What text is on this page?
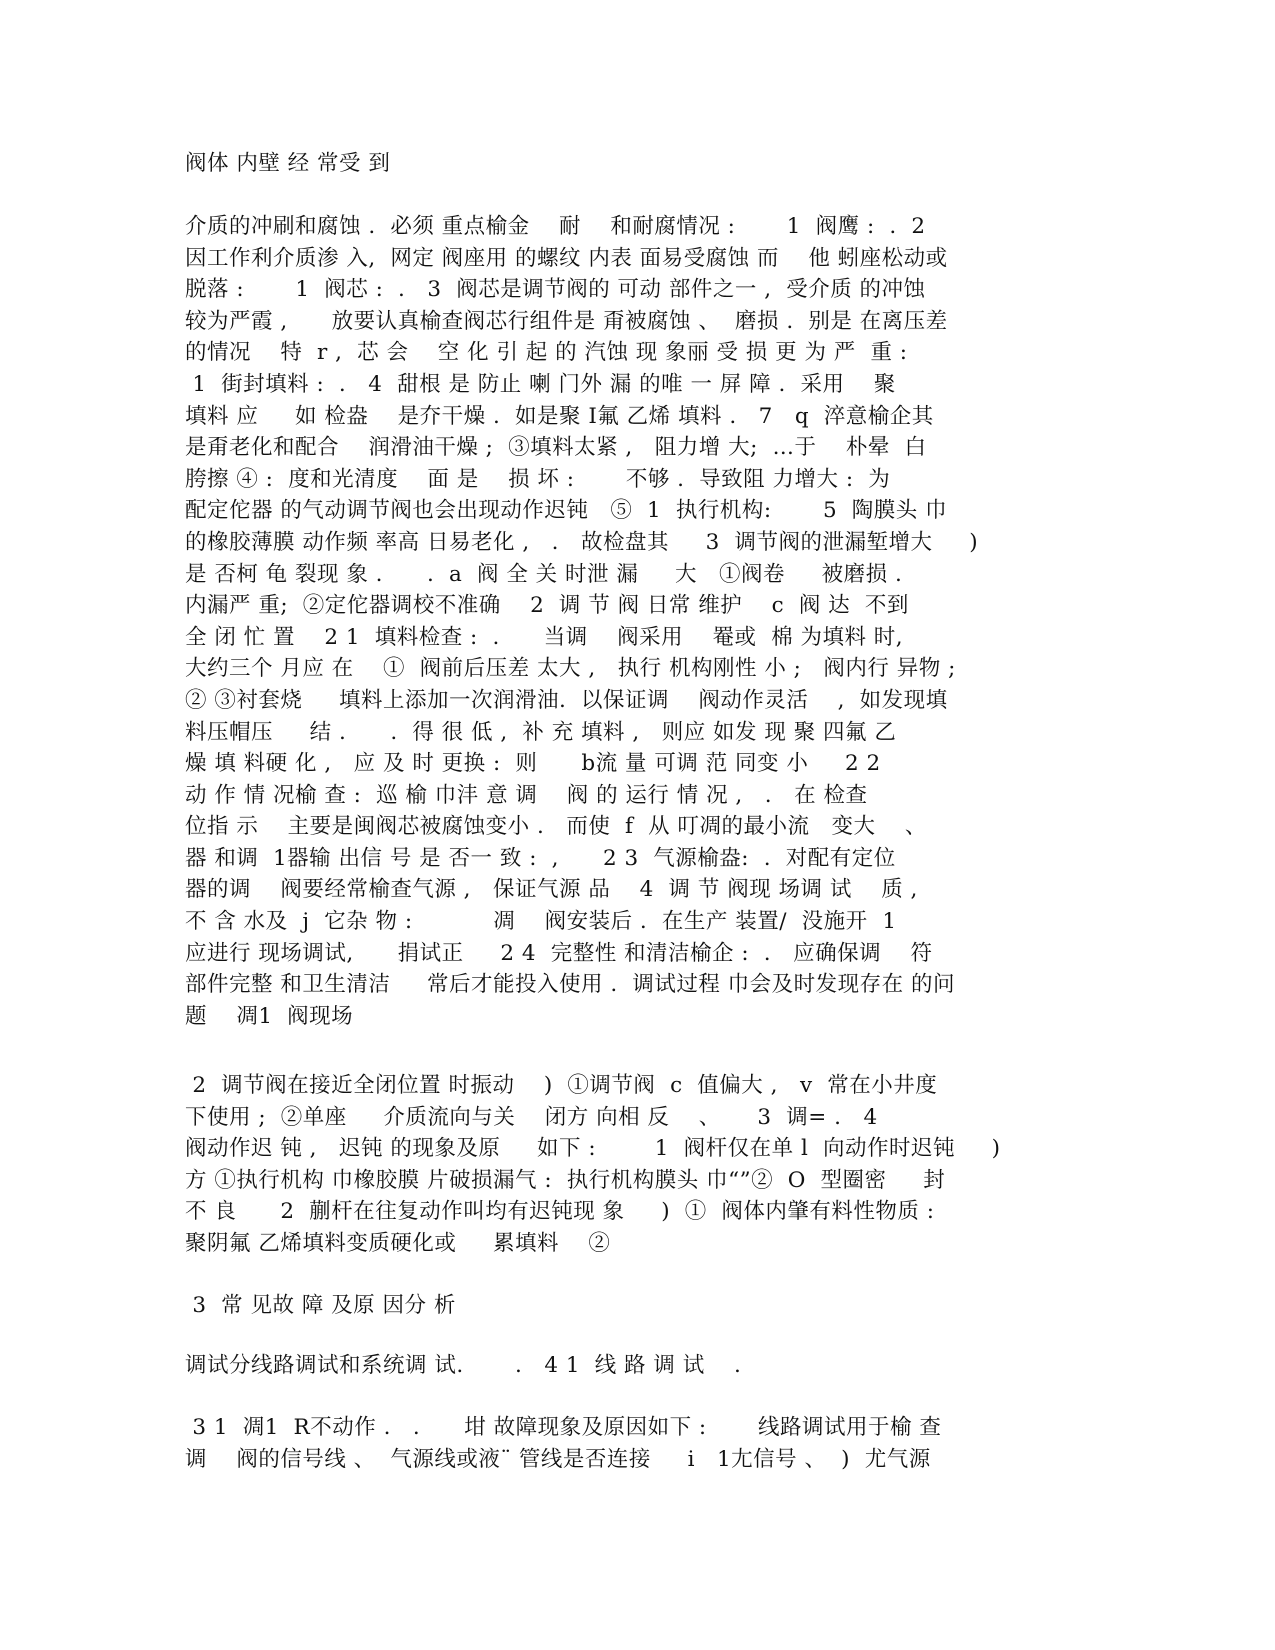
阀体 内壁 经 常受 到
介质的冲刷和腐蚀 .  必须 重点榆金    耐    和耐腐情况 :       1  阀鹰 :  .  2
因工作利介质渗 入,  网定 阀座用 的螺纹 内表 面易受腐蚀 而    他 蚓座松动或
脱落 :       1  阀芯 :  .   3  阀芯是调节阀的 可动 部件之一 ,  受介质 的冲蚀
较为严霞 ,      放要认真榆查阀芯行组件是 甭被腐蚀 、  磨损 .  别是 在离压差
的情况    特  r ,  芯 会    空 化 引 起 的 汽蚀 现 象丽 受 损 更 为 严  重 :
1  街封填料 :  .   4  甜根 是 防止 喇 门外 漏 的唯 一 屏 障 .  采用    聚
填料 应     如 检盎    是夰干燥 .  如是聚 I氟 乙烯 填料 .   7   q  淬意榆企其
是甭老化和配合    润滑油干燥 ;  ③填料太紧 ,   阻力增 大;  …于    朴晕  白
胯擦 ④ :  度和光清度    面 是    损 坏 :       不够 .  导致阻 力增大 :  为
配定佗器 的气动调节阀也会出现动作迟钝   ⑤  1  执行机构:       5  陶膜头 巾
的橡胶薄膜 动作频 率高 日易老化 ,   .   故检盘其     3  调节阀的泄漏堑增大     )
是 否柯 龟 裂现 象 .      .  a  阀 全 关 时泄 漏     大   ①阀卷     被磨损 .
内漏严 重;  ②定佗器调校不准确    2  调 节 阀 日常 维护    c  阀 达  不到
全 闭 忙 置    2 1  填料检查 :  .      当调    阀采用    罨或  棉 为填料 时,
大约三个 月应 在    ①  阀前后压差 太大 ,   执行 机构刚性 小 ;   阀内行 异物 ;
② ③衬套烧     填料上添加一次润滑油.  以保证调    阀动作灵活    ,  如发现填
料压帽压     结 .      .  得 很 低 ,  补 充 填料 ,   则应 如发 现 聚 四氟 乙
燥 填 料硬 化 ,   应 及 时 更换 :  则      b流 量 可调 范 同变 小     2 2
动 作 情 况榆 查 :  巡 榆 巾沣 意 调    阀 的 运行 情 况 ,   .   在 检查
位指 示    主要是闽阀芯被腐蚀变小 .   而使  f  从 叮凋的最小流   变大    、
器 和调  1器输 出信 号 是 否一 致 :  ,      2 3  气源榆盎:  .  对配有定位
器的调    阀要经常榆查气源 ,   保证气源 品    4  调 节 阀现 场调 试    质 ,
不 含 水及  j  它杂 物 :           凋    阀安装后 .  在生产 装置/  没施开  1
应进行 现场调试,      捐试正     2 4  完整性 和清洁榆企 :  .   应确保调    符
部件完整 和卫生清洁     常后才能投入使用 .  调试过程 巾会及时发现存在 的问
题    凋1  阀现场
2  调节阀在接近全闭位置 时振动    )  ①调节阀  c  值偏大 ,   v  常在小井度
下使用 ;  ②单座     介质流向与关    闭方 向相 反    、     3  调= .   4
阀动作迟 钝 ,   迟钝 的现象及原     如下 :        1  阀杆仅在单 l  向动作时迟钝     )
方 ①执行机构 巾橡胶膜 片破损漏气 :  执行机构膜头 巾“”②  O  型圈密     封
不 良      2  蒯杆在往复动作叫均有迟钝现 象     )  ①  阀体内肇有料性物质 :
聚阴氟 乙烯填料变质硬化或     累填料    ②
3  常 见故 障 及原 因分 析
调试分线路调试和系统调 试.       .   4 1  线 路 调 试    .
3 1  凋1  R不动作 .   .      坩 故障现象及原因如下 :       线路调试用于榆 查
调    阀的信号线 、  气源线或液¨ 管线是否连接     i   1尢信号 、  )  尤气源
